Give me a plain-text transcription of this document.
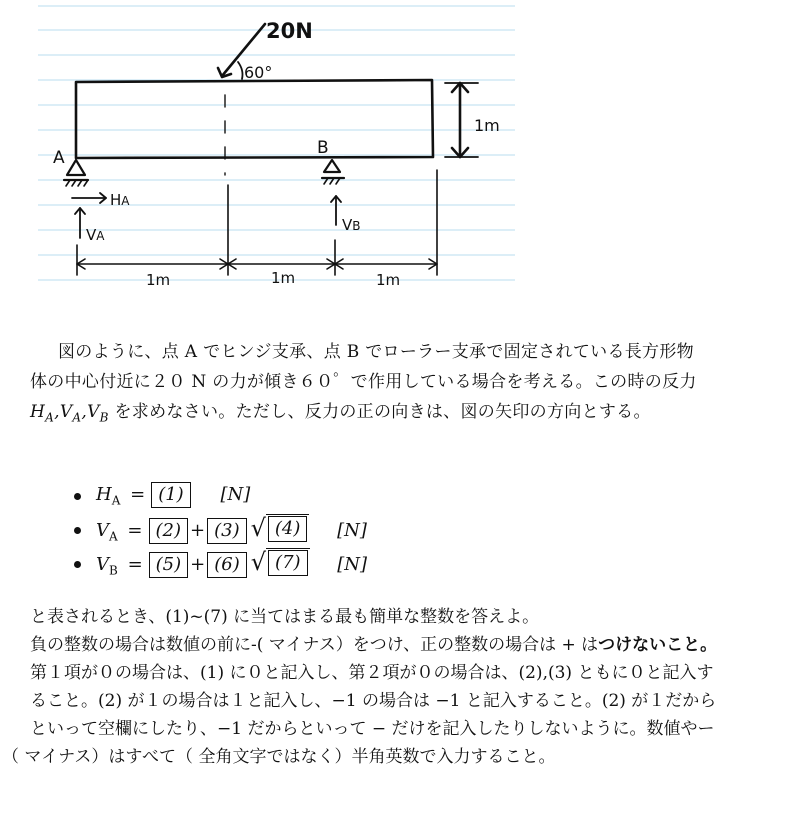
20N
60°
1m
A	B
HA
VA
VB
1m	1m	1m
図のように、点 A でヒンジ支承、点 B でローラー支承で固定されている長方形物
体の中心付近に２０ N の力が傾き６０゜で作用している場合を考える。この時の反力
$H_A,V_A,V_B$ を求めなさい。ただし、反力の正の向きは、図の矢印の方向とする。
$H_A = (1)$ [N]
$V_A = (2) + (3)$ √ (4)	[N]
$V_B = (5) + (6)$ √ (7)	[N]
と表されるとき、(1)~(7) に当てはまる最も簡単な整数を答えよ。
負の整数の場合は数値の前に-( マイナス）をつけ、正の整数の場合は + はつけないこと。
第１項が０の場合は、(1) に０と記入し、第２項が０の場合は、(2),(3) ともに０と記入す
ること。(2) が１の場合は１と記入し、−1 の場合は −1 と記入すること。(2) が１だから
といって空欄にしたり、−1 だからといって − だけを記入したりしないように。数値やー
（ マイナス）はすべて（ 全角文字ではなく）半角英数で入力すること。
